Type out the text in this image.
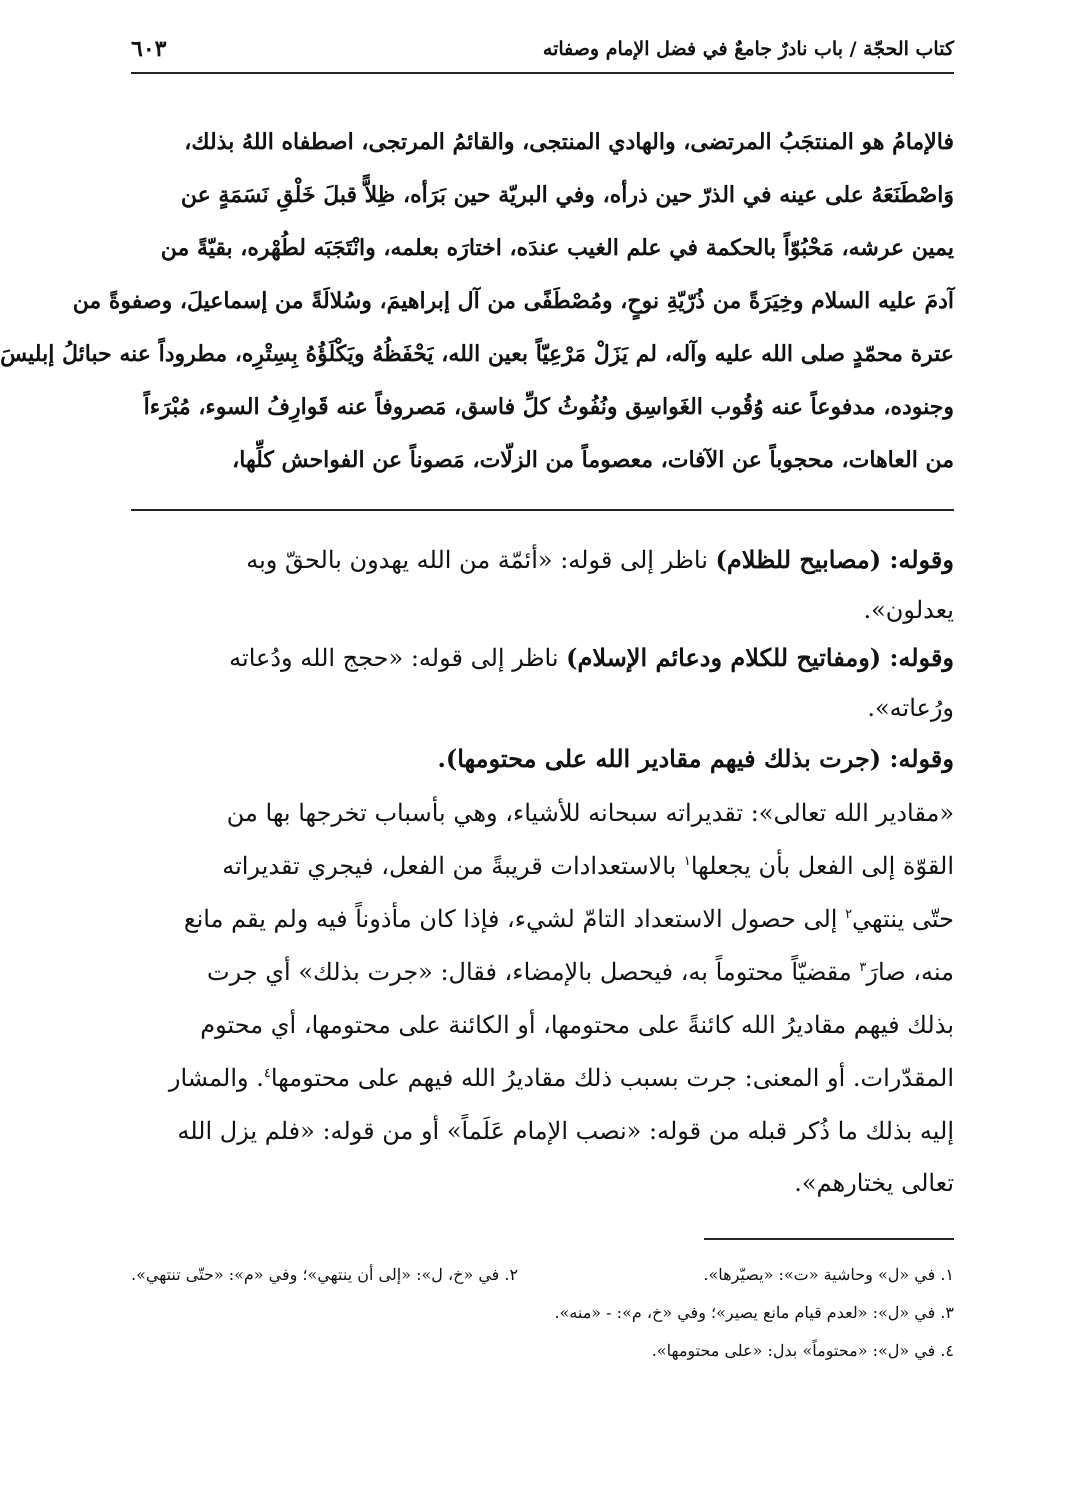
كتاب الحجّة / باب نادرٌ جامعٌ في فضل الإمام وصفاته
٦٠٣
فالإمامُ هو المنتجَبُ المرتضى، والهادي المنتجى، والقائمُ المرتجى، اصطفاه اللهُ بذلك،
وَاصْطَنَعَهُ على عينه في الذرّ حين ذرأه، وفي البريّة حين بَرَأه، ظِلاًّ قبلَ خَلْقِ نَسَمَةٍ عن
يمين عرشه، مَحْبُوّاً بالحكمة في علم الغيب عندَه، اختارَه بعلمه، وانْتَجَبَه لطُهْره، بقيّةً من
آدمَ عليه السلام وخِيَرَةً من ذُرّيّةِ نوحٍ، ومُصْطَفًى من آل إبراهيمَ، وسُلالَةً من إسماعيلَ، وصفوةً من
عترة محمّدٍ صلى الله عليه وآله، لم يَزَلْ مَرْعِيّاً بعين الله، يَحْفَظُهُ ويَكْلَؤُهُ بِسِتْرِه، مطروداً عنه حبائلُ إبليسَ
وجنوده، مدفوعاً عنه وُقُوب الغَواسِق ونُفُوثُ كلِّ فاسق، مَصروفاً عنه قَوارِفُ السوء، مُبْرَءاً
من العاهات، محجوباً عن الآفات، معصوماً من الزلّات، مَصوناً عن الفواحش كلِّها،
وقوله: (مصابيح للظلام) ناظر إلى قوله: «أئمّة من الله يهدون بالحقّ وبه
يعدلون».
وقوله: (ومفاتيح للكلام ودعائم الإسلام) ناظر إلى قوله: «حجج الله ودُعاته
ورُعاته».
وقوله: (جرت بذلك فيهم مقادير الله على محتومها).
«مقادير الله تعالى»: تقديراته سبحانه للأشياء، وهي بأسباب تخرجها بها من
القوّة إلى الفعل بأن يجعلها$^١$ بالاستعدادات قريبةً من الفعل، فيجري تقديراته
حتّى ينتهي$^٢$ إلى حصول الاستعداد التامّ لشيء، فإذا كان مأذوناً فيه ولم يقم مانع
منه، صارَ$^٣$ مقضيّاً محتوماً به، فيحصل بالإمضاء، فقال: «جرت بذلك» أي جرت
بذلك فيهم مقاديرُ الله كائنةً على محتومها، أو الكائنة على محتومها، أي محتوم
المقدّرات. أو المعنى: جرت بسبب ذلك مقاديرُ الله فيهم على محتومها$^٤$. والمشار
إليه بذلك ما ذُكر قبله من قوله: «نصب الإمام عَلَماً» أو من قوله: «فلم يزل الله
تعالى يختارهم».
١. في «ل» وحاشية «ت»: «يصيّرها».
٢. في «خ، ل»: «إلى أن ينتهي»؛ وفي «م»: «حتّى تنتهي».
٣. في «ل»: «لعدم قيام مانع يصير»؛ وفي «خ، م»: - «منه».
٤. في «ل»: «محتوماً» بدل: «على محتومها».
